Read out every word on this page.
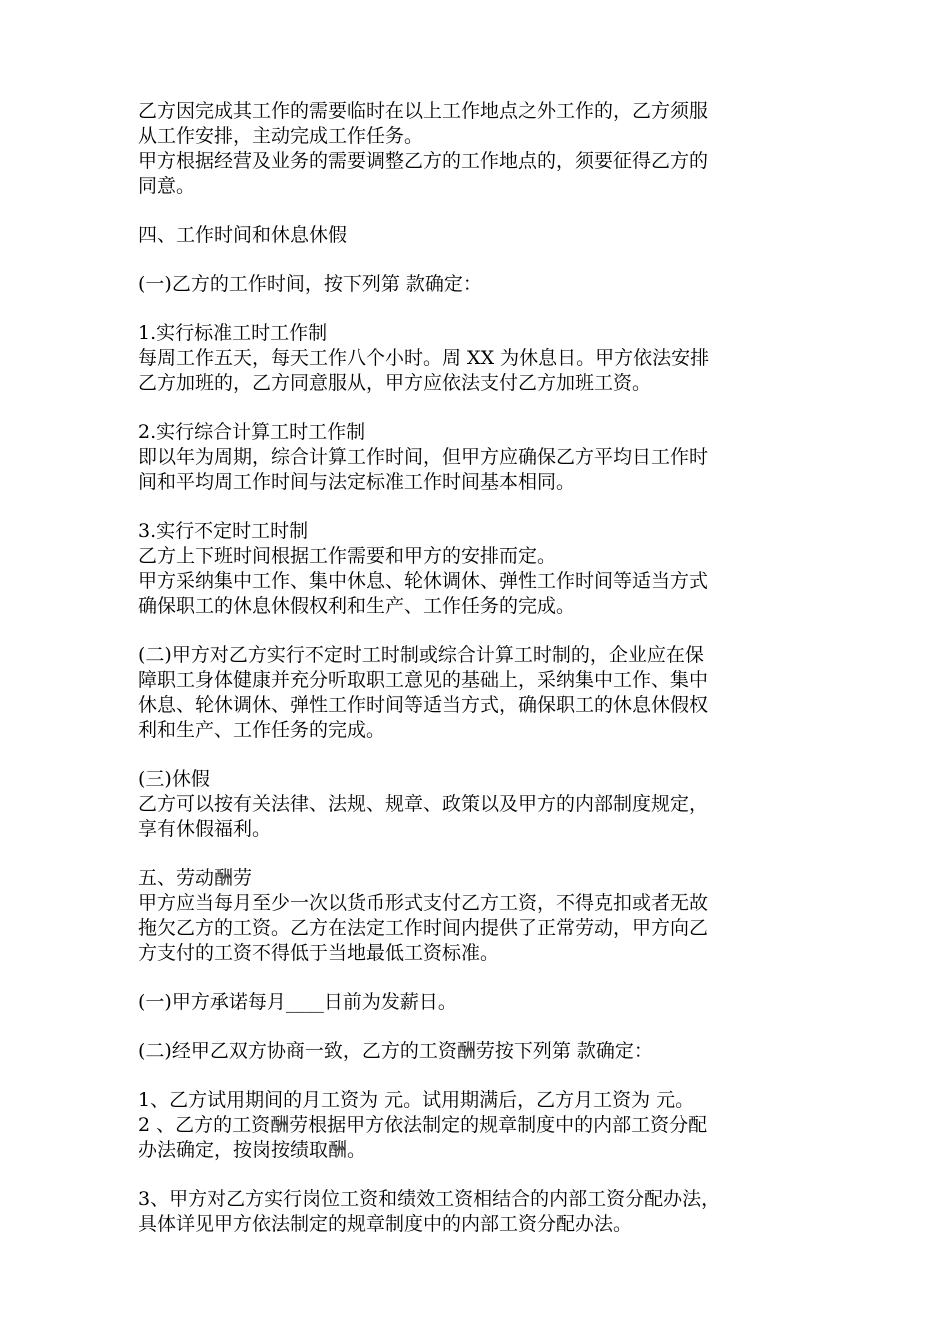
乙方因完成其工作的需要临时在以上工作地点之外工作的，乙方须服
从工作安排，主动完成工作任务。
甲方根据经营及业务的需要调整乙方的工作地点的，须要征得乙方的
同意。
四、工作时间和休息休假
(一)乙方的工作时间，按下列第 款确定：
1.实行标准工时工作制
每周工作五天，每天工作八个小时。周 XX 为休息日。甲方依法安排
乙方加班的，乙方同意服从，甲方应依法支付乙方加班工资。
2.实行综合计算工时工作制
即以年为周期，综合计算工作时间，但甲方应确保乙方平均日工作时
间和平均周工作时间与法定标准工作时间基本相同。
3.实行不定时工时制
乙方上下班时间根据工作需要和甲方的安排而定。
甲方采纳集中工作、集中休息、轮休调休、弹性工作时间等适当方式
确保职工的休息休假权利和生产、工作任务的完成。
(二)甲方对乙方实行不定时工时制或综合计算工时制的，企业应在保
障职工身体健康并充分听取职工意见的基础上，采纳集中工作、集中
休息、轮休调休、弹性工作时间等适当方式，确保职工的休息休假权
利和生产、工作任务的完成。
(三)休假
乙方可以按有关法律、法规、规章、政策以及甲方的内部制度规定，
享有休假福利。
五、劳动酬劳
甲方应当每月至少一次以货币形式支付乙方工资，不得克扣或者无故
拖欠乙方的工资。乙方在法定工作时间内提供了正常劳动，甲方向乙
方支付的工资不得低于当地最低工资标准。
(一)甲方承诺每月____日前为发薪日。
(二)经甲乙双方协商一致，乙方的工资酬劳按下列第 款确定：
1、乙方试用期间的月工资为 元。试用期满后，乙方月工资为 元。
2 、乙方的工资酬劳根据甲方依法制定的规章制度中的内部工资分配
办法确定，按岗按绩取酬。
3、甲方对乙方实行岗位工资和绩效工资相结合的内部工资分配办法，
具体详见甲方依法制定的规章制度中的内部工资分配办法。
